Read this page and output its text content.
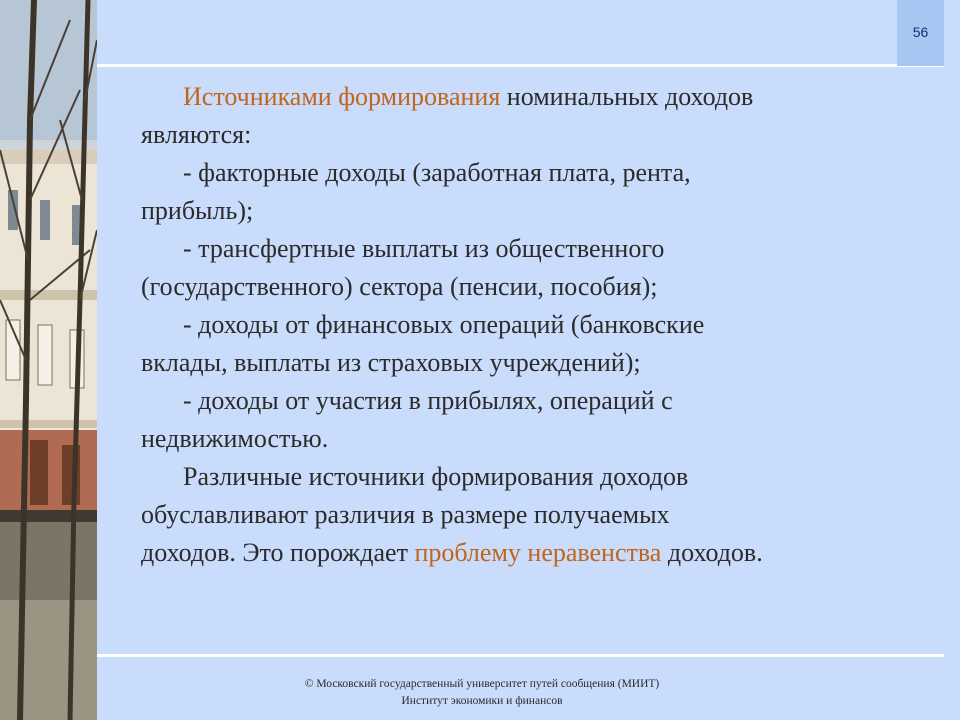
56

Источниками формирования номинальных доходов
являются:

- факторные доходы (заработная плата, рента,
прибыль);

- трансфертные выплаты из общественного
(государственного) сектора (пенсии, пособия);

- доходы от финансовых операций (банковские
вклады, выплаты из страховых учреждений);

- доходы от участия в прибылях, операций с
недвижимостью.

Различные источники формирования доходов
обуславливают различия в размере получаемых
доходов. Это порождает проблему неравенства доходов.

© Московский государственный университет путей сообщения (МИИТ)
Институт экономики и финансов
